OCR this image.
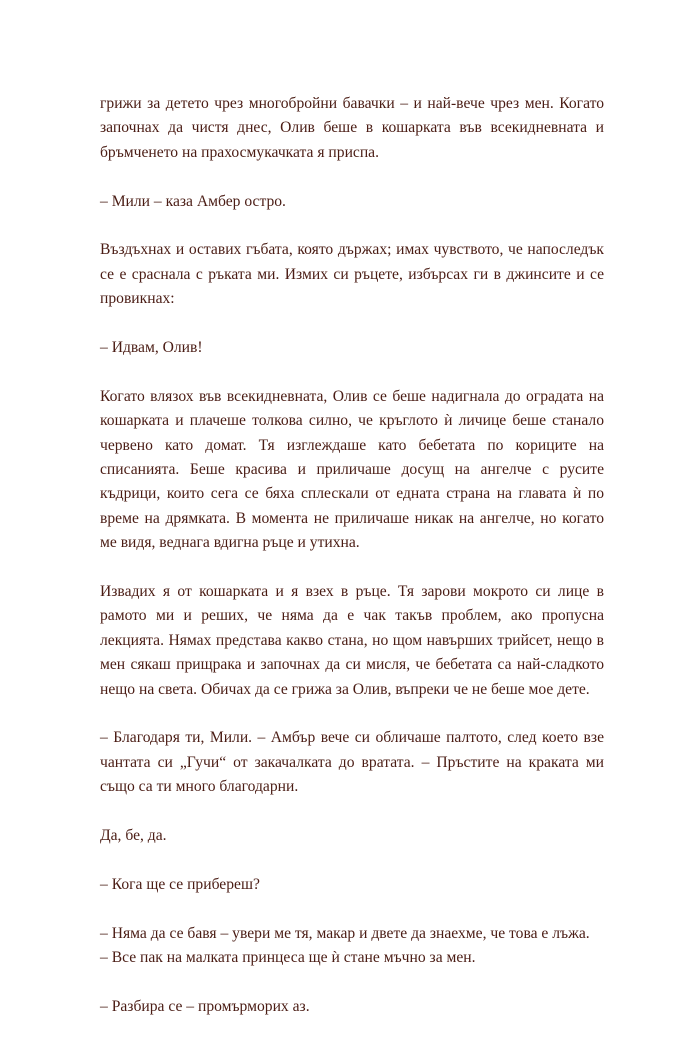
грижи за детето чрез многобройни бавачки – и най-вече чрез мен. Когато започнах да чистя днес, Олив беше в кошарката във всекидневната и бръмченето на прахосмукачката я приспа.

– Мили – каза Амбер остро.

Въздъхнах и оставих гъбата, която държах; имах чувството, че напоследък се е сраснала с ръката ми. Измих си ръцете, избърсах ги в джинсите и се провикнах:

– Идвам, Олив!

Когато влязох във всекидневната, Олив се беше надигнала до оградата на кошарката и плачеше толкова силно, че кръглото ѝ личице беше станало червено като домат. Тя изглеждаше като бебетата по кориците на списанията. Беше красива и приличаше досущ на ангелче с русите къдрици, които сега се бяха сплескали от едната страна на главата ѝ по време на дрямката. В момента не приличаше никак на ангелче, но когато ме видя, веднага вдигна ръце и утихна.

Извадих я от кошарката и я взех в ръце. Тя зарови мокрото си лице в рамото ми и реших, че няма да е чак такъв проблем, ако пропусна лекцията. Нямах представа какво стана, но щом навърших трийсет, нещо в мен сякаш прищрака и започнах да си мисля, че бебетата са най-сладкото нещо на света. Обичах да се грижа за Олив, въпреки че не беше мое дете.

– Благодаря ти, Мили. – Амбър вече си обличаше палтото, след което взе чантата си „Гучи“ от закачалката до вратата. – Пръстите на краката ми също са ти много благодарни.

Да, бе, да.

– Кога ще се прибереш?

– Няма да се бавя – увери ме тя, макар и двете да знаехме, че това е лъжа.

– Все пак на малката принцеса ще ѝ стане мъчно за мен.

– Разбира се – промърморих аз.
